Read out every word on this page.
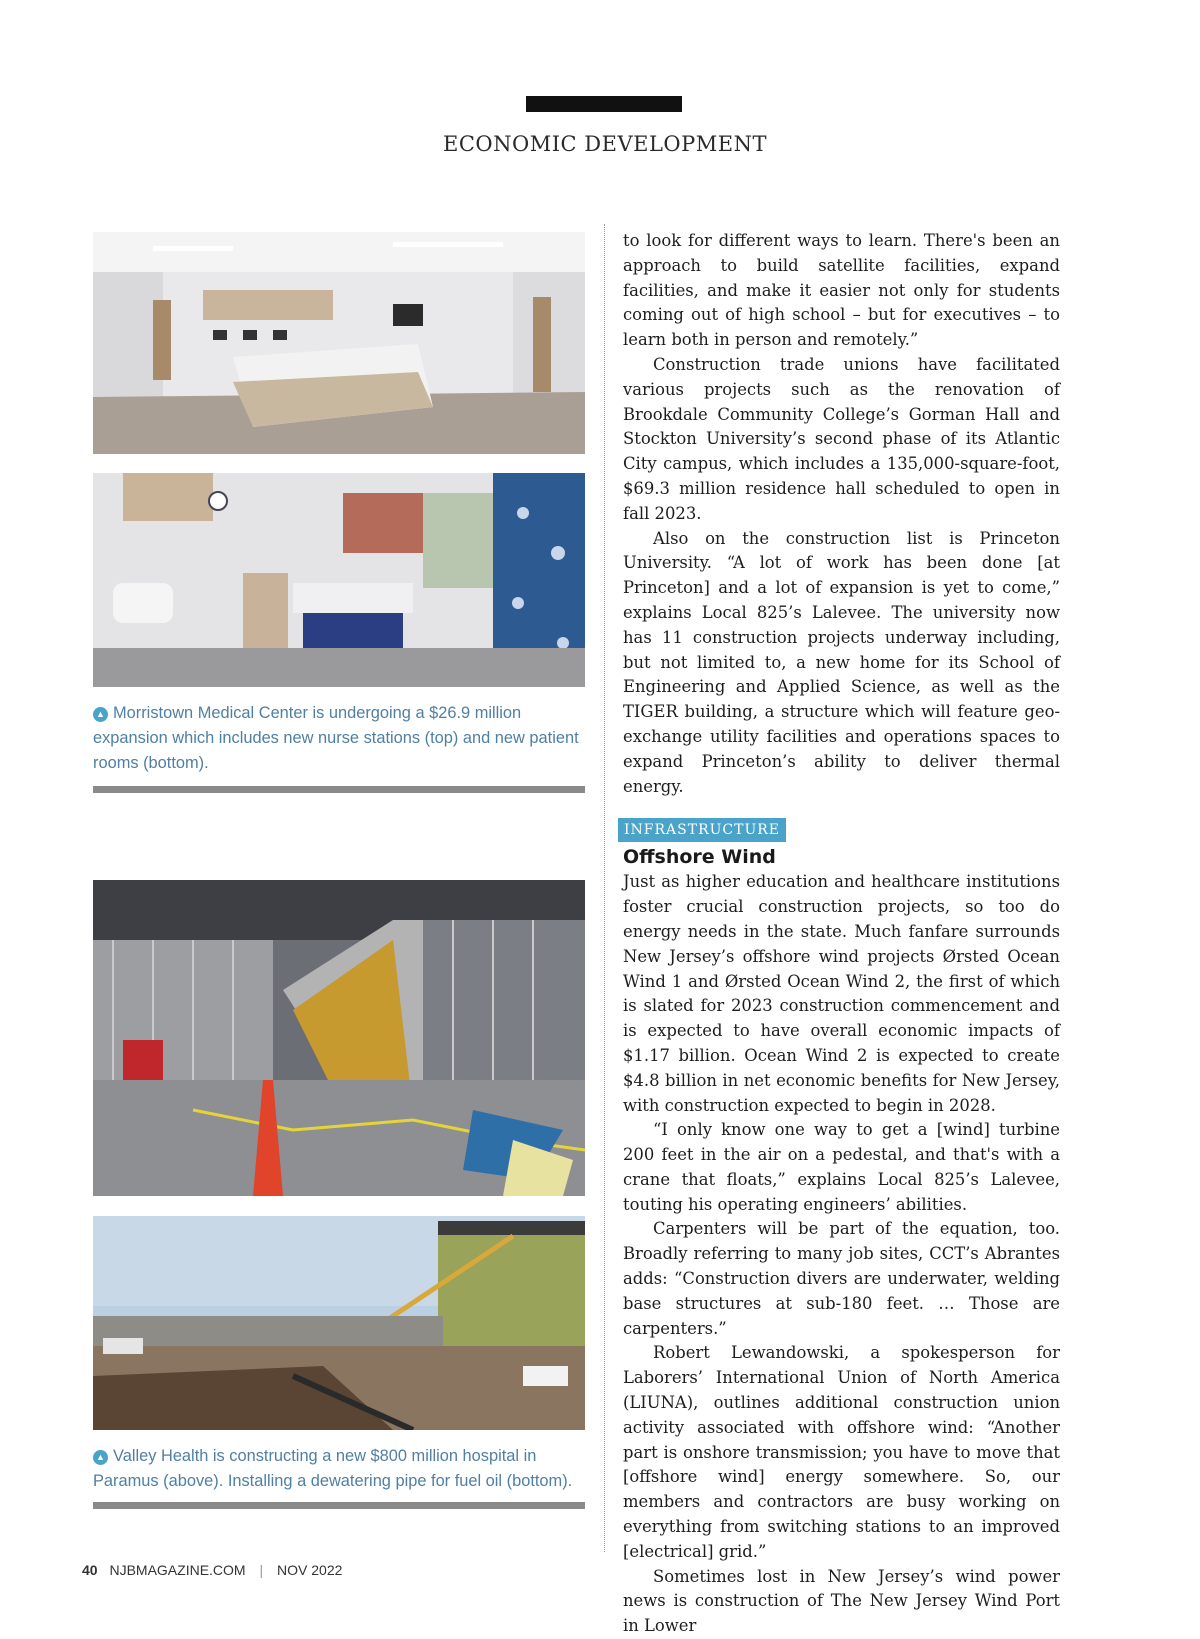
ECONOMIC DEVELOPMENT
▲ Morristown Medical Center is undergoing a $26.9 million expansion which includes new nurse stations (top) and new patient rooms (bottom).
▲ Valley Health is constructing a new $800 million hospital in Paramus (above). Installing a dewatering pipe for fuel oil (bottom).

to look for different ways to learn. There's been an approach to build satellite facilities, expand facilities, and make it easier not only for students coming out of high school – but for executives – to learn both in person and remotely.”

Construction trade unions have facilitated various projects such as the renovation of Brookdale Community College’s Gorman Hall and Stockton University’s second phase of its Atlantic City campus, which includes a 135,000-square-foot, $69.3 million residence hall scheduled to open in fall 2023.

Also on the construction list is Princeton University. “A lot of work has been done [at Princeton] and a lot of expansion is yet to come,” explains Local 825’s Lalevee. The university now has 11 construction projects underway including, but not limited to, a new home for its School of Engineering and Applied Science, as well as the TIGER building, a structure which will feature geo-exchange utility facilities and operations spaces to expand Princeton’s ability to deliver thermal energy.

INFRASTRUCTURE
Offshore Wind

Just as higher education and healthcare institutions foster crucial construction projects, so too do energy needs in the state. Much fanfare surrounds New Jersey’s offshore wind projects Ørsted Ocean Wind 1 and Ørsted Ocean Wind 2, the first of which is slated for 2023 construction commencement and is expected to have overall economic impacts of $1.17 billion. Ocean Wind 2 is expected to create $4.8 billion in net economic benefits for New Jersey, with construction expected to begin in 2028.

“I only know one way to get a [wind] turbine 200 feet in the air on a pedestal, and that's with a crane that floats,” explains Local 825’s Lalevee, touting his operating engineers’ abilities.

Carpenters will be part of the equation, too. Broadly referring to many job sites, CCT’s Abrantes adds: “Construction divers are underwater, welding base structures at sub-180 feet. … Those are carpenters.”

Robert Lewandowski, a spokesperson for Laborers’ International Union of North America (LIUNA), outlines additional construction union activity associated with offshore wind: “Another part is onshore transmission; you have to move that [offshore wind] energy somewhere. So, our members and contractors are busy working on everything from switching stations to an improved [electrical] grid.”

Sometimes lost in New Jersey’s wind power news is construction of The New Jersey Wind Port in Lower

40 NJBMAGAZINE.COM | NOV 2022
